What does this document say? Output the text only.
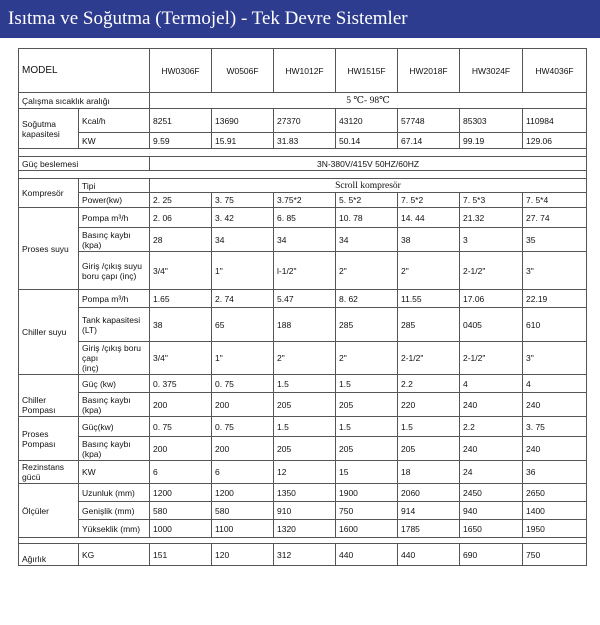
Isıtma ve Soğutma (Termojel) - Tek Devre Sistemler
MODEL		HW0306F	W0506F	HW1012F	HW1515F	HW2018F	HW3024F	HW4036F
Çalışma sıcaklık aralığı		5 ℃- 98℃						

Soğutma
kapasitesi	Kcal/h	8251	13690	27370	43120	57748	85303	110984
	KW	9.59	15.91	31.83	50.14	67.14	99.19	129.06

Güç beslemesi		3N-380V/415V 50HZ/60HZ						

Kompresör	Tipi	Scroll kompresör						
	Power(kw)	2. 25	3. 75	3.75*2	5. 5*2	7. 5*2	7. 5*3	7. 5*4
Proses suyu	Pompa m³/h	2. 06	3. 42	6. 85	10. 78	14. 44	21.32	27. 74
	Basınç kaybı (kpa)	28	34	34	34	38	3	35

	Giriş /çıkış suyu
boru çapı (inç)	3/4"	1"	l-1/2"	2"	2"	2-1/2"	3"
Chiller suyu	Pompa m³/h	1.65	2. 74	5.47	8. 62	11.55	17.06	22.19

	Tank kapasitesi
(LT)	38	65	188	285	285	0405	610

	Giriş /çıkış boru çapı
(inç)	3/4"	1"	2"	2"	2-1/2"	2-1/2"	3"
Chiller Pompası	Güç (kw)	0. 375	0. 75	1.5	1.5	2.2	4	4

	Basınç kaybı
(kpa)	200	200	205	205	220	240	240
Proses Pompası	Güç(kw)	0. 75	0. 75	1.5	1.5	1.5	2.2	3. 75
	Basınç kaybı (kpa)	200	200	205	205	205	240	240
Rezinstans gücü	KW	6	6	12	15	18	24	36
Ölçüler	Uzunluk (mm)	1200	1200	1350	1900	2060	2450	2650
	Genişlik (mm)	580	580	910	750	914	940	1400
	Yükseklik (mm)	1000	1100	1320	1600	1785	1650	1950

Ağırlık	KG	151	120	312	440	440	690	750
